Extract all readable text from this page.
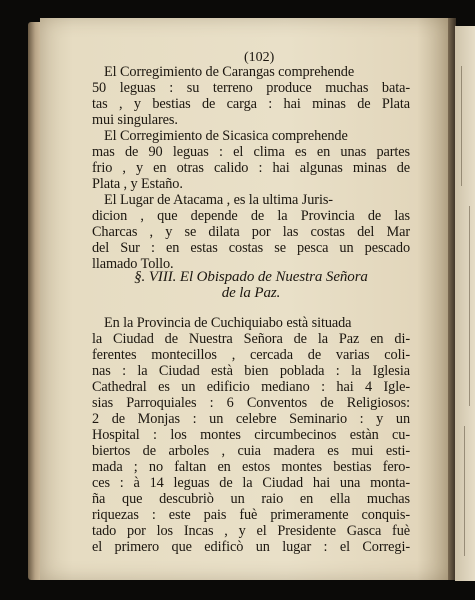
(102)
§. VIII. El Obispado de Nuestra Señora
de la Paz.
El Corregimiento de Carangas comprehende
50 leguas : su terreno produce muchas bata-
tas , y bestias de carga : hai minas de Plata
mui singulares.
El Corregimiento de Sicasica comprehende
mas de 90 leguas : el clima es en unas partes
frio , y en otras calido : hai algunas minas de
Plata , y Estaño.
El Lugar de Atacama , es la ultima Juris-
dicion , que depende de la Provincia de las
Charcas , y se dilata por las costas del Mar
del Sur : en estas costas se pesca un pescado
llamado Tollo.
En la Provincia de Cuchiquiabo està situada
la Ciudad de Nuestra Señora de la Paz en di-
ferentes montecillos , cercada de varias coli-
nas : la Ciudad està bien poblada : la Iglesia
Cathedral es un edificio mediano : hai 4 Igle-
sias Parroquiales : 6 Conventos de Religiosos:
2 de Monjas : un celebre Seminario : y un
Hospital : los montes circumbecinos estàn cu-
biertos de arboles , cuia madera es mui esti-
mada ; no faltan en estos montes bestias fero-
ces : à 14 leguas de la Ciudad hai una monta-
ña que descubriò un raio en ella muchas
riquezas : este pais fuè primeramente conquis-
tado por los Incas , y el Presidente Gasca fuè
el primero que edificò un lugar : el Corregi-
